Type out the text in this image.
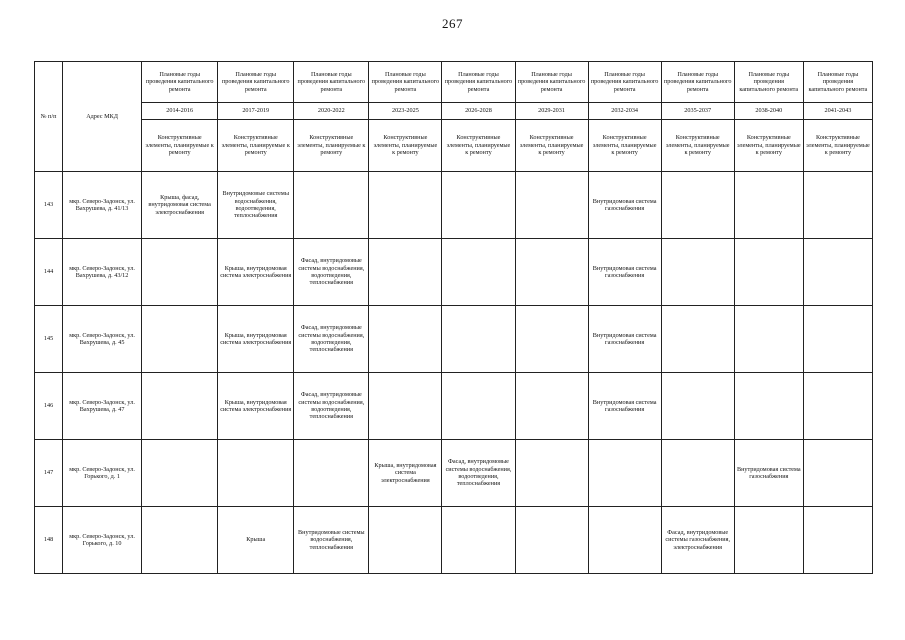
267
№ п/п	Адрес МКД	Плановые годы проведения капитального ремонта	Плановые годы проведения капитального ремонта	Плановые годы проведения капитального ремонта	Плановые годы проведения капитального ремонта	Плановые годы проведения капитального ремонта	Плановые годы проведения капитального ремонта	Плановые годы проведения капитального ремонта	Плановые годы проведения капитального ремонта	Плановые годы проведения капитального ремонта	Плановые годы проведения капитального ремонта
		2014-2016	2017-2019	2020-2022	2023-2025	2026-2028	2029-2031	2032-2034	2035-2037	2038-2040	2041-2043
		Конструктивные элементы, планируемые к ремонту	Конструктивные элементы, планируемые к ремонту	Конструктивные элементы, планируемые к ремонту	Конструктивные элементы, планируемые к ремонту	Конструктивные элементы, планируемые к ремонту	Конструктивные элементы, планируемые к ремонту	Конструктивные элементы, планируемые к ремонту	Конструктивные элементы, планируемые к ремонту	Конструктивные элементы, планируемые к ремонту	Конструктивные элементы, планируемые к ремонту
143	мкр. Северо-Задонск, ул. Вахрушева, д. 41/13	Крыша, фасад, внутридомовая система электроснабжения	Внутридомовые системы водоснабжения, водоотведения, теплоснабжения					Внутридомовая система газоснабжения			
144	мкр. Северо-Задонск, ул. Вахрушева, д. 43/12		Крыша, внутридомовая система электроснабжения	Фасад, внутридомовые системы водоснабжения, водоотведения, теплоснабжения				Внутридомовая система газоснабжения			
145	мкр. Северо-Задонск, ул. Вахрушева, д. 45		Крыша, внутридомовая система электроснабжения	Фасад, внутридомовые системы водоснабжения, водоотведения, теплоснабжения				Внутридомовая система газоснабжения			
146	мкр. Северо-Задонск, ул. Вахрушева, д. 47		Крыша, внутридомовая система электроснабжения	Фасад, внутридомовые системы водоснабжения, водоотведения, теплоснабжения				Внутридомовая система газоснабжения			
147	мкр. Северо-Задонск, ул. Горького, д. 1				Крыша, внутридомовая система электроснабжения	Фасад, внутридомовые системы водоснабжения, водоотведения, теплоснабжения				Внутридомовая система газоснабжения	
148	мкр. Северо-Задонск, ул. Горького, д. 10		Крыша	Внутридомовые системы водоснабжения, теплоснабжения					Фасад, внутридомовые системы газоснабжения, электроснабжения		
